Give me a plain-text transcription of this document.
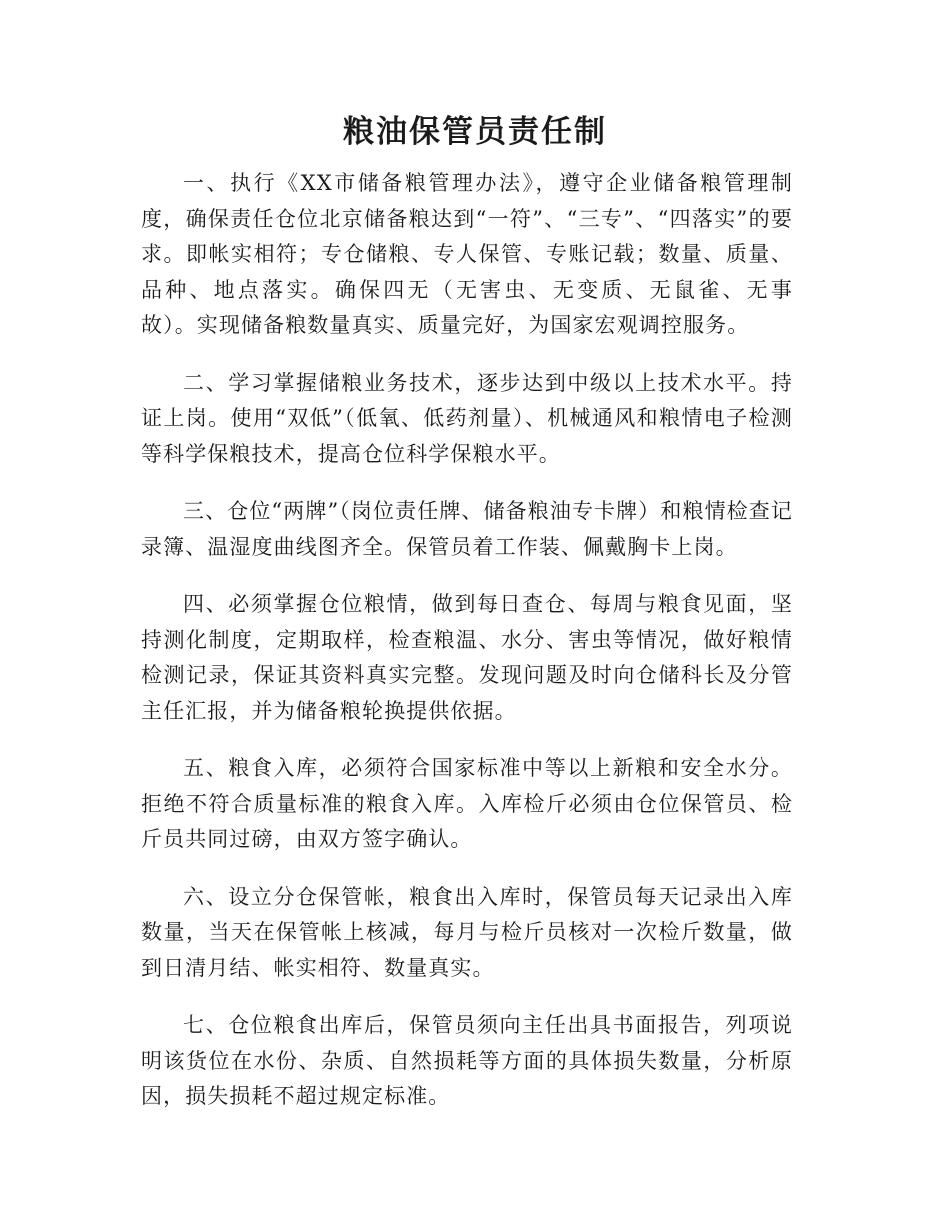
粮油保管员责任制

一、执行《XX市储备粮管理办法》，遵守企业储备粮管理制度，确保责任仓位北京储备粮达到“一符”、“三专”、“四落实”的要求。即帐实相符；专仓储粮、专人保管、专账记载；数量、质量、品种、地点落实。确保四无（无害虫、无变质、无鼠雀、无事故）。实现储备粮数量真实、质量完好，为国家宏观调控服务。

二、学习掌握储粮业务技术，逐步达到中级以上技术水平。持证上岗。使用“双低”（低氧、低药剂量）、机械通风和粮情电子检测等科学保粮技术，提高仓位科学保粮水平。

三、仓位“两牌”（岗位责任牌、储备粮油专卡牌）和粮情检查记录簿、温湿度曲线图齐全。保管员着工作装、佩戴胸卡上岗。

四、必须掌握仓位粮情，做到每日查仓、每周与粮食见面，坚持测化制度，定期取样，检查粮温、水分、害虫等情况，做好粮情检测记录，保证其资料真实完整。发现问题及时向仓储科长及分管主任汇报，并为储备粮轮换提供依据。

五、粮食入库，必须符合国家标准中等以上新粮和安全水分。拒绝不符合质量标准的粮食入库。入库检斤必须由仓位保管员、检斤员共同过磅，由双方签字确认。

六、设立分仓保管帐，粮食出入库时，保管员每天记录出入库数量，当天在保管帐上核减，每月与检斤员核对一次检斤数量，做到日清月结、帐实相符、数量真实。

七、仓位粮食出库后，保管员须向主任出具书面报告，列项说明该货位在水份、杂质、自然损耗等方面的具体损失数量，分析原因，损失损耗不超过规定标准。
